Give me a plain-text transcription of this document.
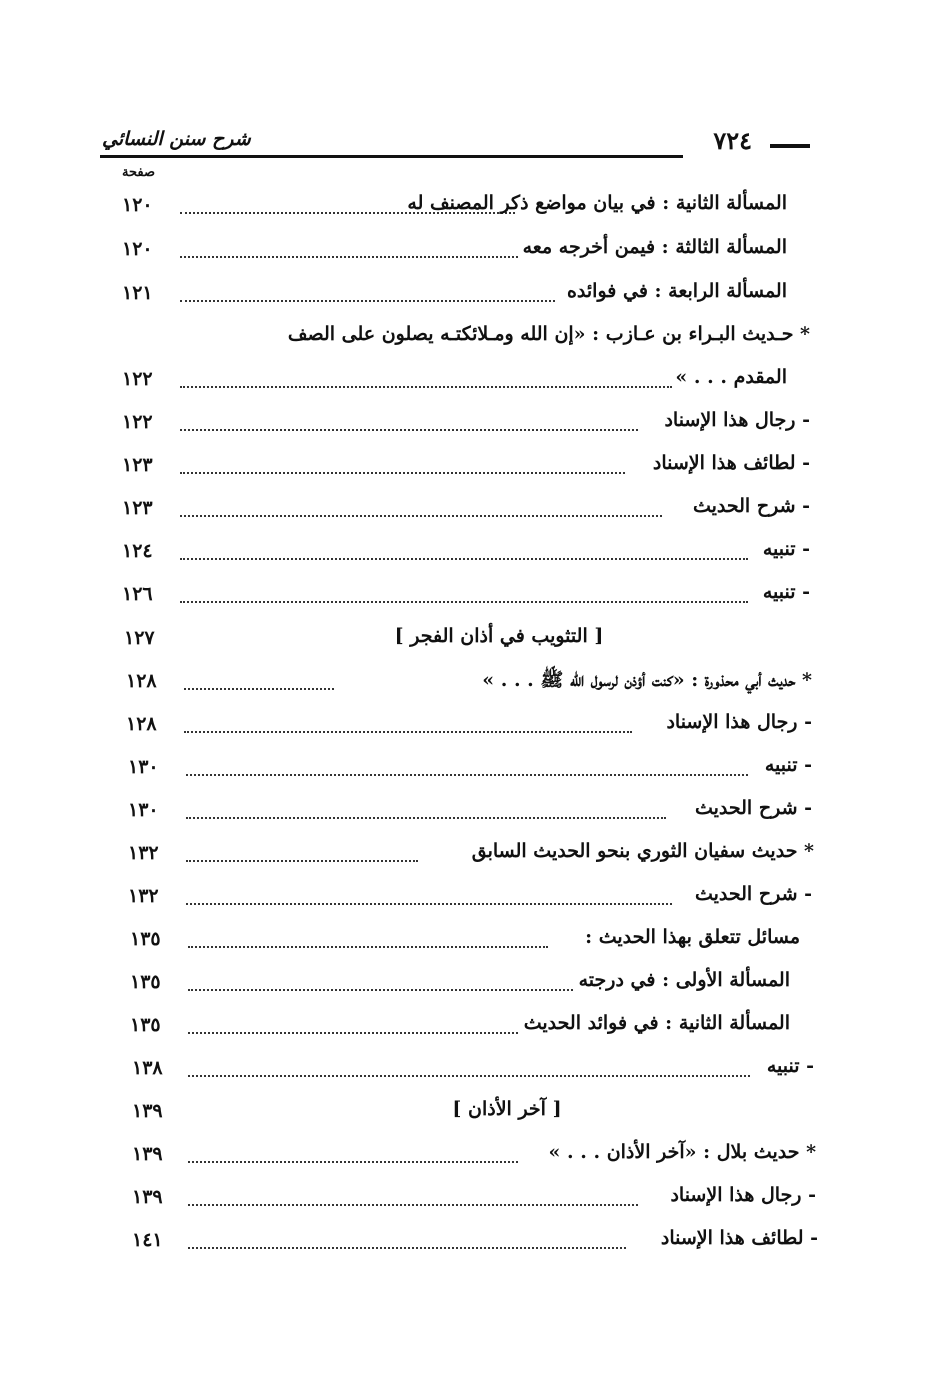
شرح سنن النسائي	٧٢٤
صفحة
١٢٠	المسألة الثانية : في بيان مواضع ذكر المصنف له
١٢٠	المسألة الثالثة : فيمن أخرجه معه
١٢١	المسألة الرابعة : في فوائده
* حـديث البـراء بن عـازب : «إن الله ومـلائكتـه يصلون على الصف
١٢٢	المقدم . . . »
١٢٢	- رجال هذا الإسناد
١٢٣	- لطائف هذا الإسناد
١٢٣	- شرح الحديث
١٢٤	- تنبيه
١٢٦	- تنبيه
١٢٧	[ التثويب في أذان الفجر ]
١٢٨	* حديث أبي محذورة : «كنت أؤذن لرسول الله ﷺ . . . »
١٢٨	- رجال هذا الإسناد
١٣٠	- تنبيه
١٣٠	- شرح الحديث
١٣٢	* حديث سفيان الثوري بنحو الحديث السابق
١٣٢	- شرح الحديث
١٣٥	مسائل تتعلق بهذا الحديث :
١٣٥	المسألة الأولى : في درجته
١٣٥	المسألة الثانية : في فوائد الحديث
١٣٨	- تنبيه
١٣٩	[ آخر الأذان ]
١٣٩	* حديث بلال : «آخر الأذان . . . »
١٣٩	- رجال هذا الإسناد
١٤١	- لطائف هذا الإسناد
